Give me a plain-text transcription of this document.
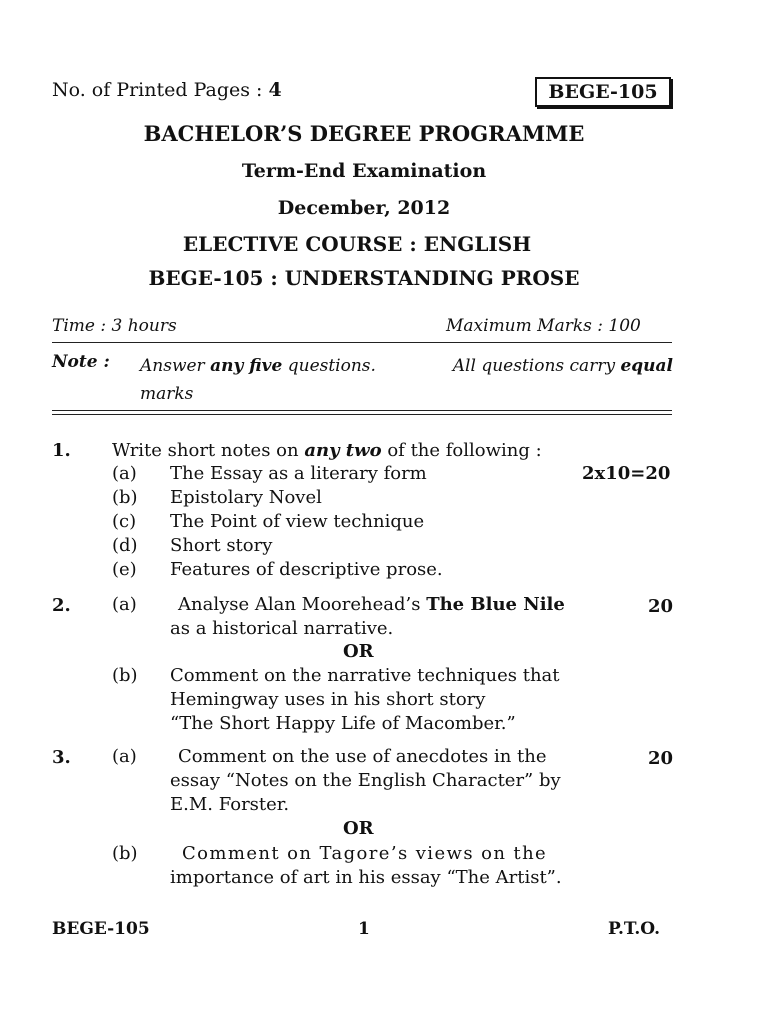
No. of Printed Pages : 4	BEGE-105
BACHELOR’S DEGREE PROGRAMME
Term-End Examination
December, 2012
ELECTIVE COURSE : ENGLISH
BEGE-105 : UNDERSTANDING PROSE
Time : 3 hours	Maximum Marks : 100
Note : Answer any five questions.	All questions carry equal
marks
1. Write short notes on any two of the following :
2x10=20
(a) The Essay as a literary form
(b) Epistolary Novel
(c) The Point of view technique
(d) Short story
(e) Features of descriptive prose.
2. (a) Analyse Alan Moorehead’s The Blue Nile	20
as a historical narrative.
OR
(b) Comment on the narrative techniques that
Hemingway uses in his short story
“The Short Happy Life of Macomber.”
3. (a) Comment on the use of anecdotes in the	20
essay “Notes on the English Character” by
E.M. Forster.
OR
(b) Comment on Tagore’s views on the
importance of art in his essay “The Artist”.
BEGE-105	1	P.T.O.
